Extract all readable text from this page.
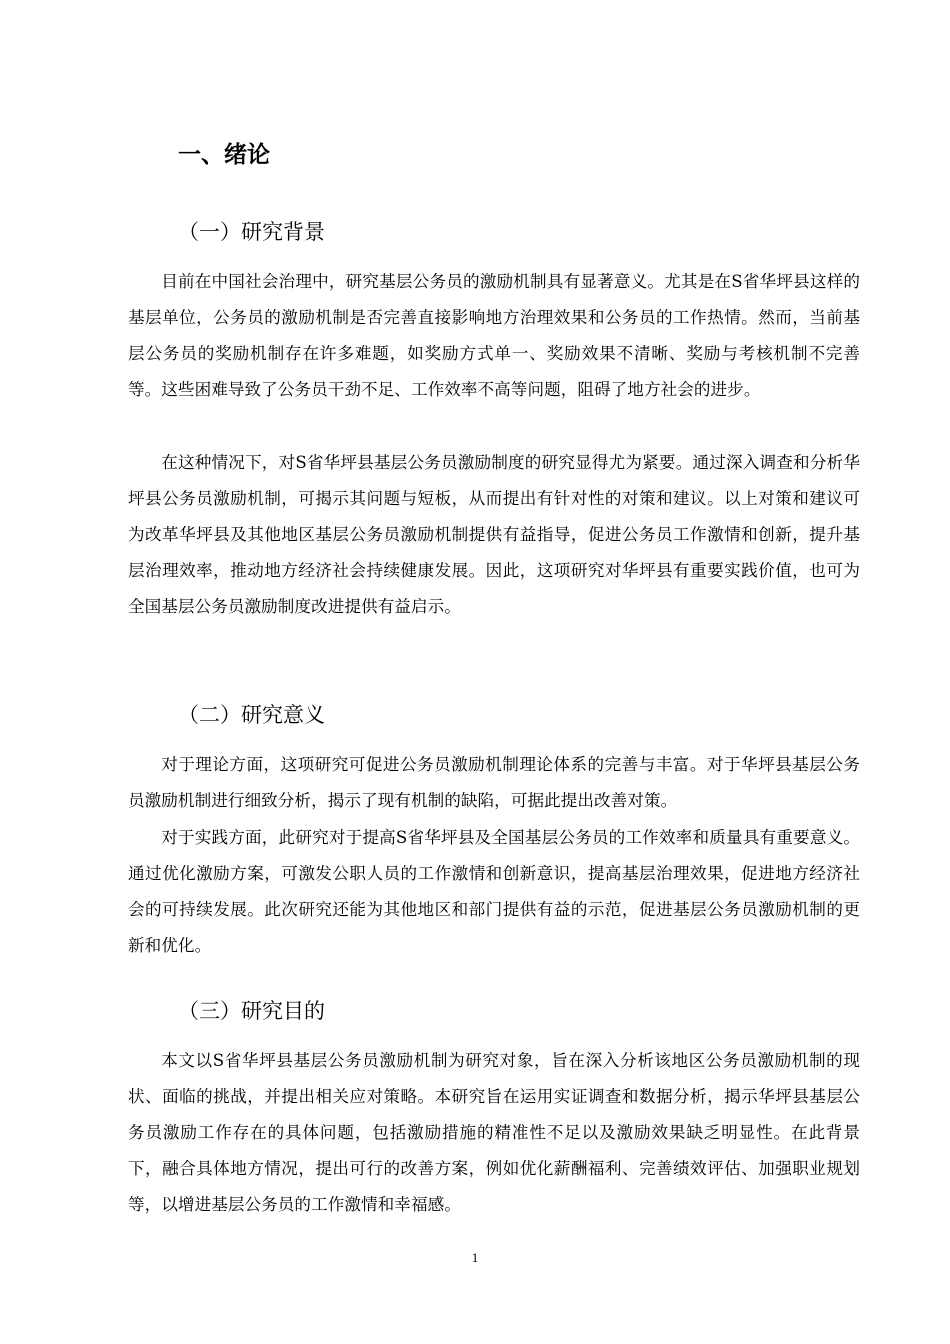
一、绪论
（一）研究背景

目前在中国社会治理中，研究基层公务员的激励机制具有显著意义。尤其是在S省华坪县这样的基层单位，公务员的激励机制是否完善直接影响地方治理效果和公务员的工作热情。然而，当前基层公务员的奖励机制存在许多难题，如奖励方式单一、奖励效果不清晰、奖励与考核机制不完善等。这些困难导致了公务员干劲不足、工作效率不高等问题，阻碍了地方社会的进步。

在这种情况下，对S省华坪县基层公务员激励制度的研究显得尤为紧要。通过深入调查和分析华坪县公务员激励机制，可揭示其问题与短板，从而提出有针对性的对策和建议。以上对策和建议可为改革华坪县及其他地区基层公务员激励机制提供有益指导，促进公务员工作激情和创新，提升基层治理效率，推动地方经济社会持续健康发展。因此，这项研究对华坪县有重要实践价值，也可为全国基层公务员激励制度改进提供有益启示。

（二）研究意义

对于理论方面，这项研究可促进公务员激励机制理论体系的完善与丰富。对于华坪县基层公务员激励机制进行细致分析，揭示了现有机制的缺陷，可据此提出改善对策。

对于实践方面，此研究对于提高S省华坪县及全国基层公务员的工作效率和质量具有重要意义。通过优化激励方案，可激发公职人员的工作激情和创新意识，提高基层治理效果，促进地方经济社会的可持续发展。此次研究还能为其他地区和部门提供有益的示范，促进基层公务员激励机制的更新和优化。

（三）研究目的

本文以S省华坪县基层公务员激励机制为研究对象，旨在深入分析该地区公务员激励机制的现状、面临的挑战，并提出相关应对策略。本研究旨在运用实证调查和数据分析，揭示华坪县基层公务员激励工作存在的具体问题，包括激励措施的精准性不足以及激励效果缺乏明显性。在此背景下，融合具体地方情况，提出可行的改善方案，例如优化薪酬福利、完善绩效评估、加强职业规划等，以增进基层公务员的工作激情和幸福感。

1
